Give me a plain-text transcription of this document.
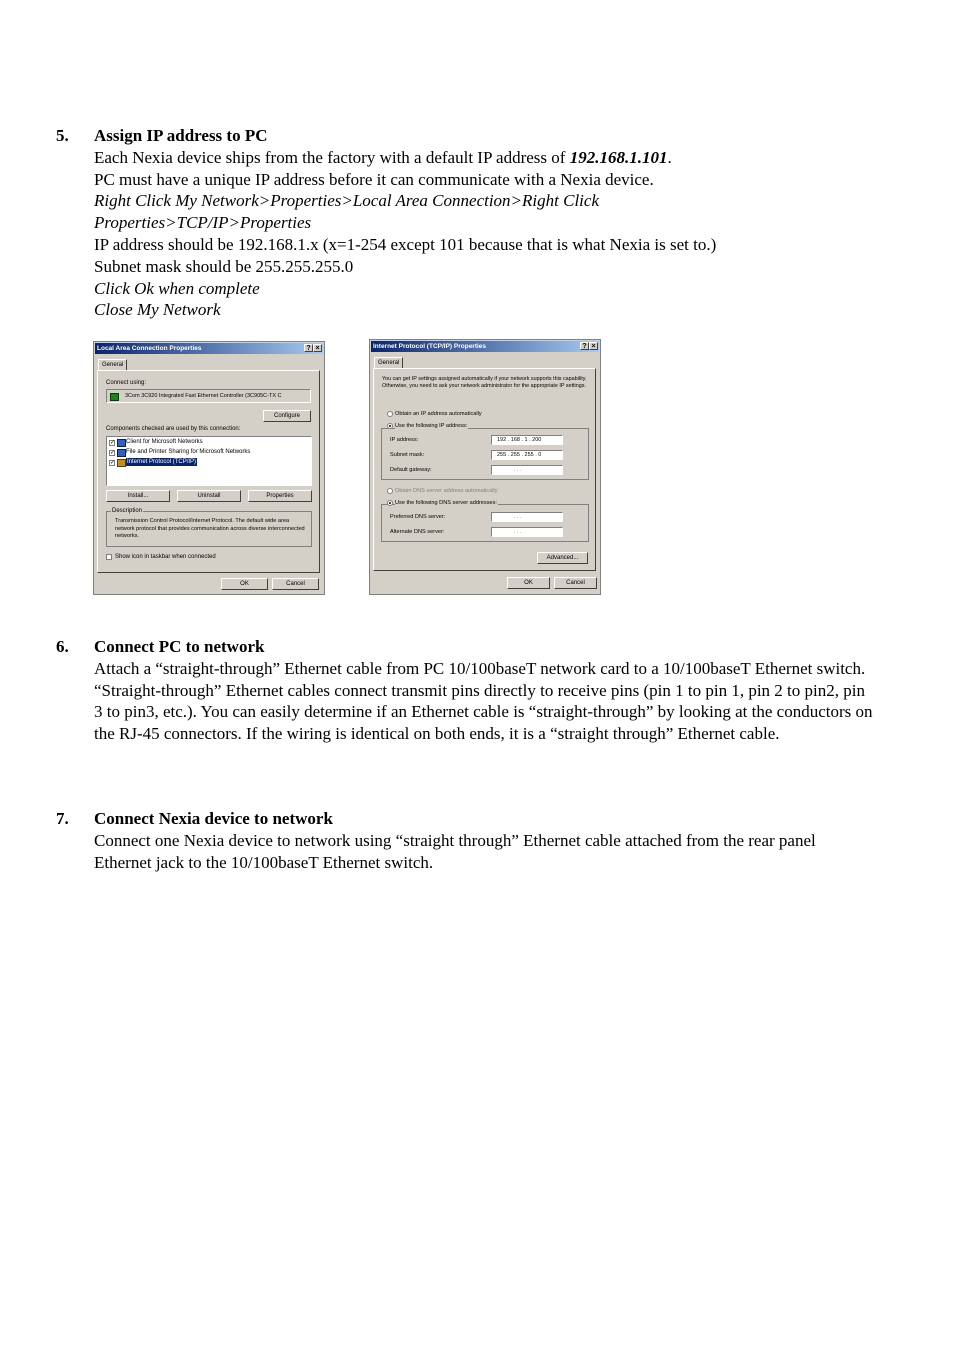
5. Assign IP address to PC
Each Nexia device ships from the factory with a default IP address of 192.168.1.101.
PC must have a unique IP address before it can communicate with a Nexia device.
Right Click My Network>Properties>Local Area Connection>Right Click
Properties>TCP/IP>Properties
IP address should be 192.168.1.x (x=1-254 except 101 because that is what Nexia is set to.)
Subnet mask should be 255.255.255.0
Click Ok when complete
Close My Network
Local Area Connection Properties	? ×
General
Connect using:
3Com 3C920 Integrated Fast Ethernet Controller (3C905C-TX C
Configure
Components checked are used by this connection:
✓ Client for Microsoft Networks
✓ File and Printer Sharing for Microsoft Networks
✓ Internet Protocol (TCP/IP)
Install...	Uninstall	Properties
Description
Transmission Control Protocol/Internet Protocol. The default wide area network protocol that provides communication across diverse interconnected networks.
Show icon in taskbar when connected
OK	Cancel
Internet Protocol (TCP/IP) Properties	? ×
General
You can get IP settings assigned automatically if your network supports this capability. Otherwise, you need to ask your network administrator for the appropriate IP settings.
Obtain an IP address automatically
Use the following IP address:
IP address:	192 . 168 . 1 . 200
Subnet mask:	255 . 255 . 255 . 0
Default gateway:	. . .
Obtain DNS server address automatically
Use the following DNS server addresses:
Preferred DNS server:	. . .
Alternate DNS server:	. . .
Advanced...
OK	Cancel
6. Connect PC to network
Attach a “straight-through” Ethernet cable from PC 10/100baseT network card to a 10/100baseT Ethernet switch. “Straight-through” Ethernet cables connect transmit pins directly to receive pins (pin 1 to pin 1, pin 2 to pin2, pin 3 to pin3, etc.). You can easily determine if an Ethernet cable is “straight-through” by looking at the conductors on the RJ-45 connectors. If the wiring is identical on both ends, it is a “straight through” Ethernet cable.
7. Connect Nexia device to network
Connect one Nexia device to network using “straight through” Ethernet cable attached from the rear panel Ethernet jack to the 10/100baseT Ethernet switch.
